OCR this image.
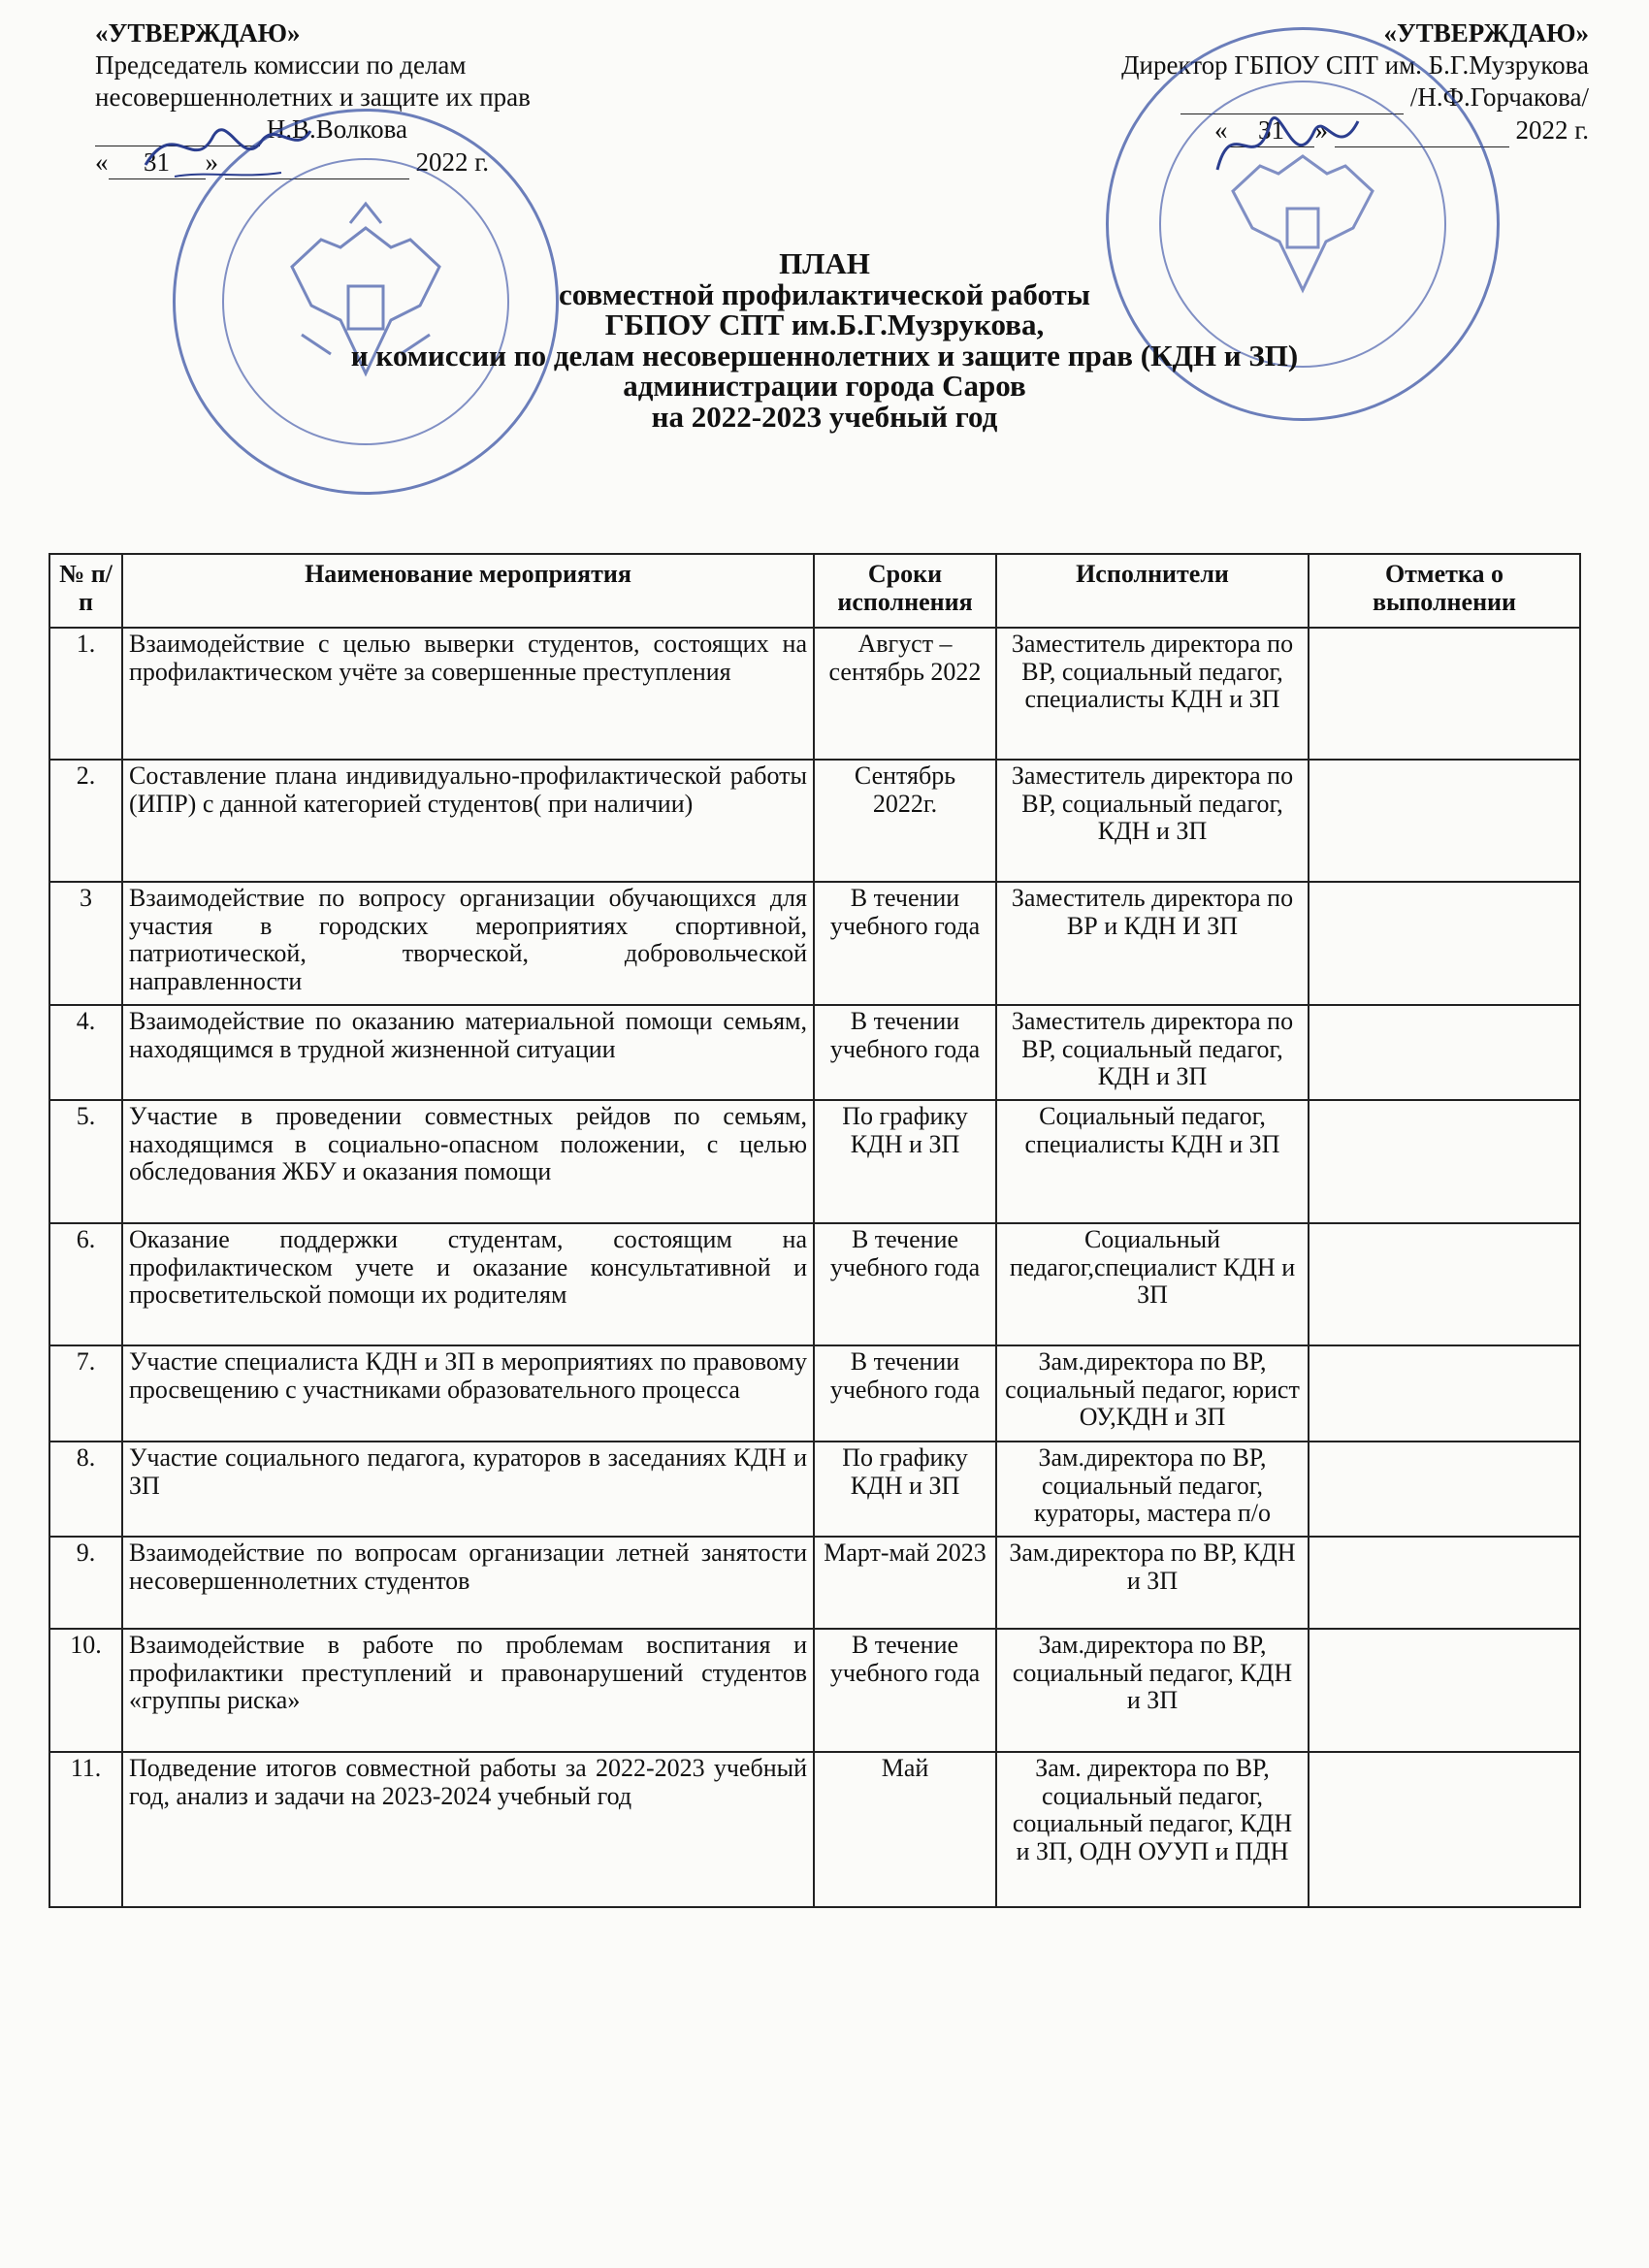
«УТВЕРЖДАЮ»
Председатель комиссии по делам
несовершеннолетних и защите их прав
Н.В.Волкова
« 31 »	2022 г.
«УТВЕРЖДАЮ»
Директор ГБПОУ СПТ им. Б.Г.Музрукова
/Н.Ф.Горчакова/
« 31 »	2022 г.
ПЛАН
совместной профилактической работы
ГБПОУ СПТ им.Б.Г.Музрукова,
и комиссии по делам несовершеннолетних и защите прав (КДН и ЗП)
администрации города Саров
на 2022-2023 учебный год
№ п/п	Наименование мероприятия	Сроки исполнения	Исполнители	Отметка о выполнении
1.	Взаимодействие с целью выверки студентов, состоящих на профилактическом учёте за совершенные преступления	Август – сентябрь 2022	Заместитель директора по ВР, социальный педагог, специалисты КДН и ЗП	
2.	Составление плана индивидуально-профилактической работы (ИПР) с данной категорией студентов( при наличии)	Сентябрь 2022г.	Заместитель директора по ВР, социальный педагог, КДН и ЗП	
3	Взаимодействие по вопросу организации обучающихся для участия в городских мероприятиях спортивной, патриотической, творческой, добровольческой направленности	В течении учебного года	Заместитель директора по ВР и КДН И ЗП	
4.	Взаимодействие по оказанию материальной помощи семьям, находящимся в трудной жизненной ситуации	В течении учебного года	Заместитель директора по ВР, социальный педагог, КДН и ЗП	
5.	Участие в проведении совместных рейдов по семьям, находящимся в социально-опасном положении, с целью обследования ЖБУ и оказания помощи	По графику КДН и ЗП	Социальный педагог, специалисты КДН и ЗП	
6.	Оказание поддержки студентам, состоящим на профилактическом учете и оказание консультативной и просветительской помощи их родителям	В течение учебного года	Социальный педагог,специалист КДН и ЗП	
7.	Участие специалиста КДН и ЗП в мероприятиях по правовому просвещению с участниками образовательного процесса	В течении учебного года	Зам.директора по ВР, социальный педагог, юрист ОУ,КДН и ЗП	
8.	Участие социального педагога, кураторов в заседаниях КДН и ЗП	По графику КДН и ЗП	Зам.директора по ВР, социальный педагог, кураторы, мастера п/о	
9.	Взаимодействие по вопросам организации летней занятости несовершеннолетних студентов	Март-май 2023	Зам.директора по ВР, КДН и ЗП	
10.	Взаимодействие в работе по проблемам воспитания и профилактики преступлений и правонарушений студентов «группы риска»	В течение учебного года	Зам.директора по ВР, социальный педагог, КДН и ЗП	
11.	Подведение итогов совместной работы за 2022-2023 учебный год, анализ и задачи на 2023-2024 учебный год	Май	Зам. директора по ВР, социальный педагог, социальный педагог, КДН и ЗП, ОДН ОУУП и ПДН	
